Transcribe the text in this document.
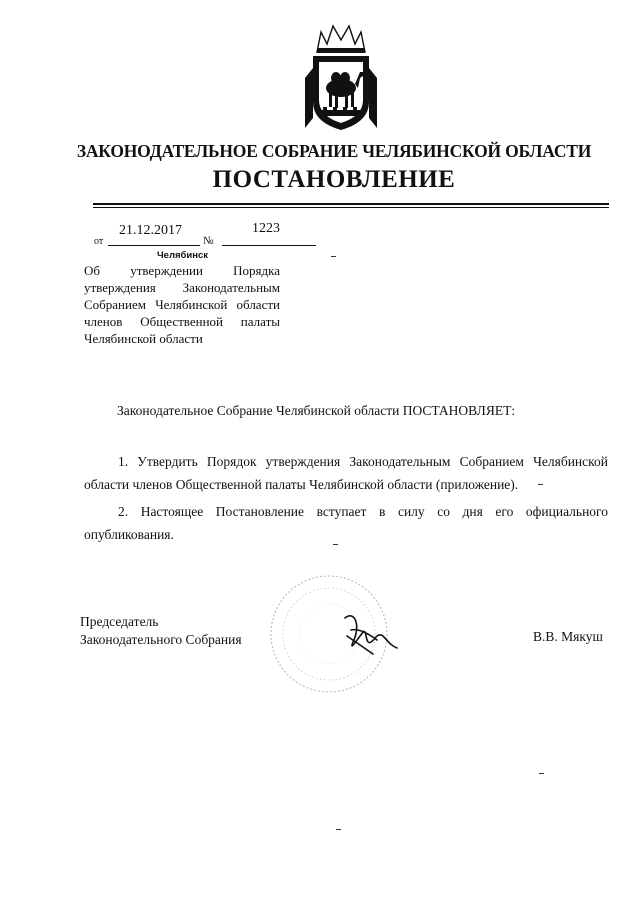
ЗАКОНОДАТЕЛЬНОЕ СОБРАНИЕ ЧЕЛЯБИНСКОЙ ОБЛАСТИ
ПОСТАНОВЛЕНИЕ
21.12.2017	1223
от	№
Челябинск
Об утверждении Порядка
утверждения Законодательным
Собранием Челябинской области
членов Общественной палаты
Челябинской области
Законодательное Собрание Челябинской области ПОСТАНОВЛЯЕТ:
1. Утвердить Порядок утверждения Законодательным Собранием Челябинской
области членов Общественной палаты Челябинской области (приложение).
2. Настоящее Постановление вступает в силу со дня его официального
опубликования.
Председатель
Законодательного Собрания	В.В. Мякуш
